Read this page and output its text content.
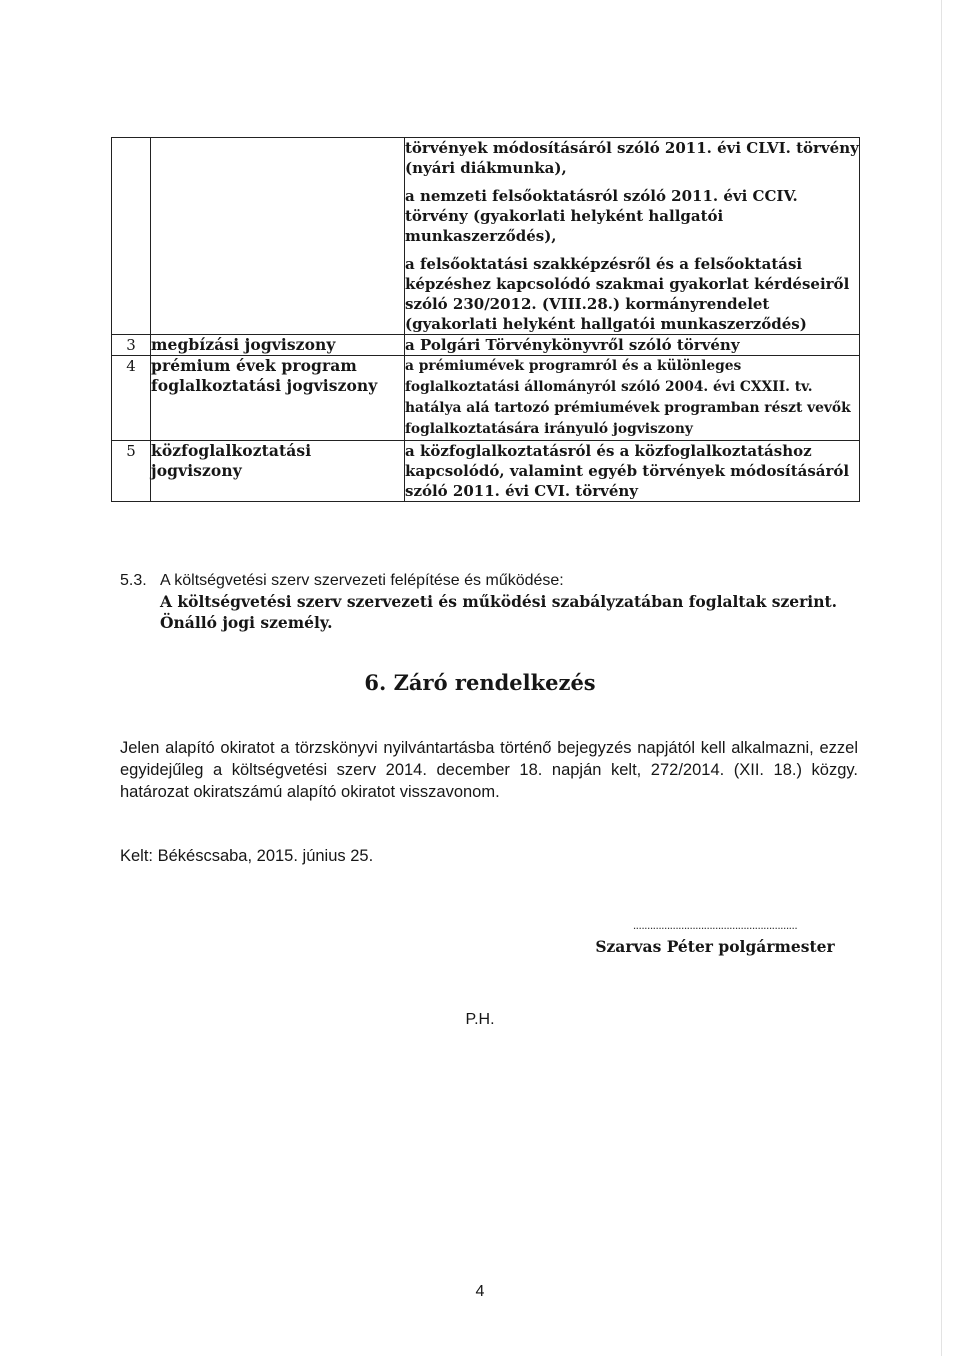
		törvények módosításáról szóló 2011. évi CLVI. törvény (nyári diákmunka),
a nemzeti felsőoktatásról szóló 2011. évi CCIV. törvény (gyakorlati helyként hallgatói munkaszerződés),
a felsőoktatási szakképzésről és a felsőoktatási képzéshez kapcsolódó szakmai gyakorlat kérdéseiről szóló 230/2012. (VIII.28.) kormányrendelet (gyakorlati helyként hallgatói munkaszerződés)

3	megbízási jogviszony	a Polgári Törvénykönyvről szóló törvény

4	prémium évek program foglalkoztatási jogviszony	a prémiumévek programról és a különleges foglalkoztatási állományról szóló 2004. évi CXXII. tv. hatálya alá tartozó prémiumévek programban részt vevők foglalkoztatására irányuló jogviszony

5	közfoglalkoztatási jogviszony	a közfoglalkoztatásról és a közfoglalkoztatáshoz kapcsolódó, valamint egyéb törvények módosításáról szóló 2011. évi CVI. törvény
5.3. A költségvetési szerv szervezeti felépítése és működése:
A költségvetési szerv szervezeti és működési szabályzatában foglaltak szerint.
Önálló jogi személy.
6. Záró rendelkezés
Jelen alapító okiratot a törzskönyvi nyilvántartásba történő bejegyzés napjától kell alkalmazni, ezzel egyidejűleg a költségvetési szerv 2014. december 18. napján kelt, 272/2014. (XII. 18.) közgy. határozat okiratszámú alapító okiratot visszavonom.
Kelt: Békéscsaba, 2015. június 25.
..........................................................
Szarvas Péter polgármester
P.H.
4
